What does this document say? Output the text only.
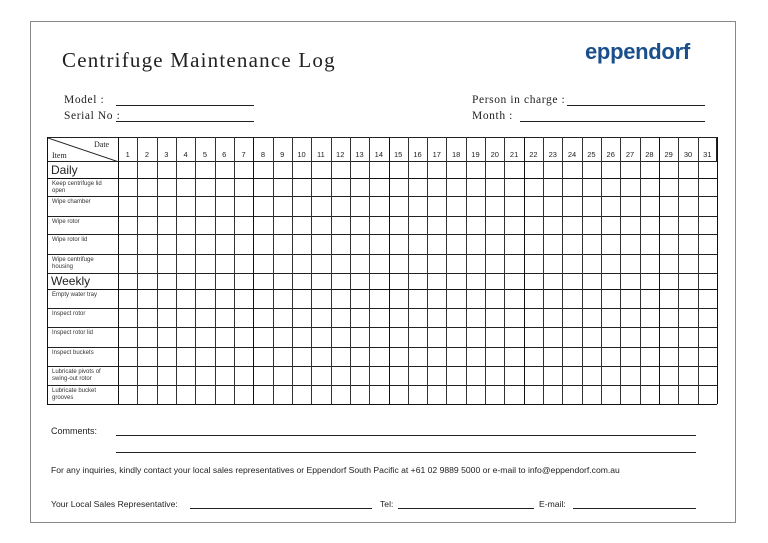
Centrifuge Maintenance Log	eppendorf
Model :
Serial No :
Person in charge :
Month :
Date
Item	1	2	3	4	5	6	7	8	9	10	11	12	13	14	15	16	17	18	19	20	21	22	23	24	25	26	27	28	29	30	31
Daily
Keep centrifuge lid open
Wipe chamber
Wipe rotor
Wipe rotor lid
Wipe centrifuge housing
Weekly
Empty water tray
Inspect rotor
Inspect rotor lid
Inspect buckets
Lubricate pivots of swing-out rotor
Lubricate bucket grooves
Comments:
For any inquiries, kindly contact your local sales representatives or Eppendorf South Pacific at +61 02 9889 5000 or e-mail to info@eppendorf.com.au
Your Local Sales Representative:	Tel:	E-mail:
